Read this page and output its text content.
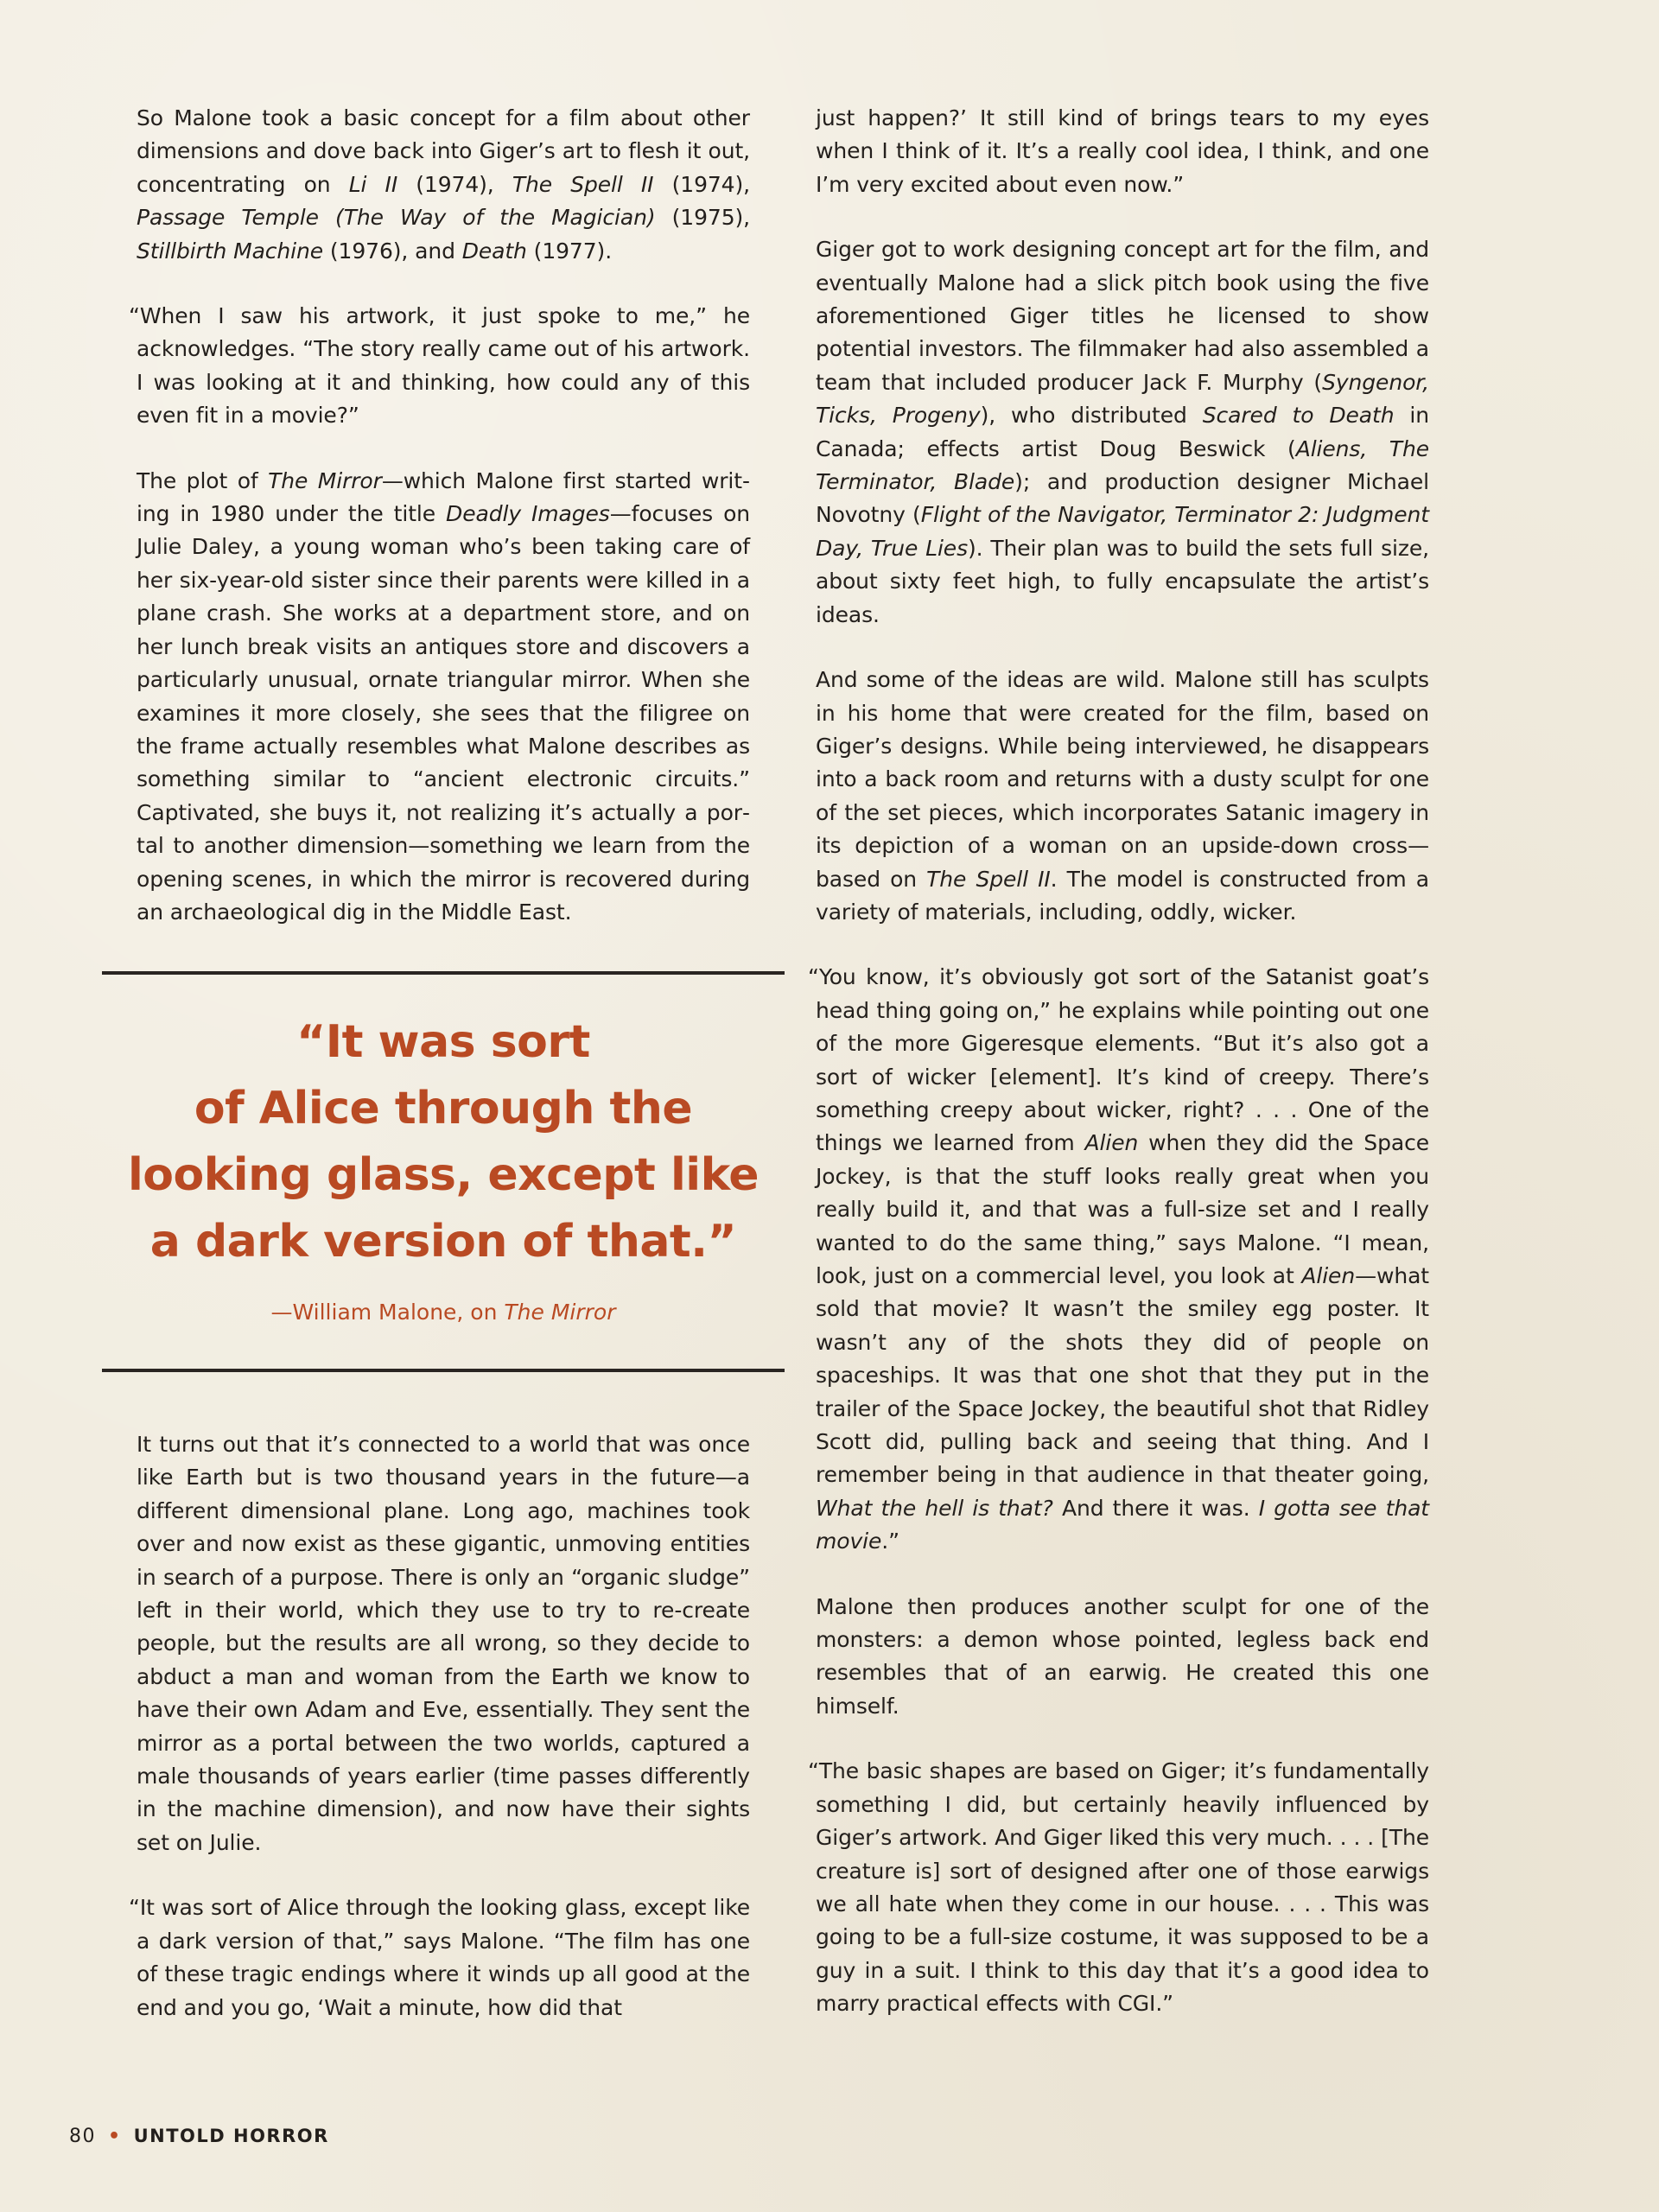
So Malone took a basic concept for a film about other dimensions and dove back into Giger’s art to flesh it out, concentrating on Li II (1974), The Spell II (1974), Passage Temple (The Way of the Magician) (1975), Stillbirth Machine (1976), and Death (1977).

“When I saw his artwork, it just spoke to me,” he acknowledges. “The story really came out of his artwork. I was looking at it and thinking, how could any of this even fit in a movie?”

The plot of The Mirror—which Malone first started writing in 1980 under the title Deadly Images—focuses on Julie Daley, a young woman who’s been taking care of her six-year-old sister since their parents were killed in a plane crash. She works at a department store, and on her lunch break visits an antiques store and discovers a particularly unusual, ornate triangular mirror. When she examines it more closely, she sees that the filigree on the frame actually resembles what Malone describes as something similar to “ancient electronic circuits.” Captivated, she buys it, not realizing it’s actually a portal to another dimension—something we learn from the opening scenes, in which the mirror is recovered during an archaeological dig in the Middle East.

“It was sort
of Alice through the
looking glass, except like
a dark version of that.”
—William Malone, on The Mirror

It turns out that it’s connected to a world that was once like Earth but is two thousand years in the future—a different dimensional plane. Long ago, machines took over and now exist as these gigantic, unmoving entities in search of a purpose. There is only an “organic sludge” left in their world, which they use to try to re-create people, but the results are all wrong, so they decide to abduct a man and woman from the Earth we know to have their own Adam and Eve, essentially. They sent the mirror as a portal between the two worlds, captured a male thousands of years earlier (time passes differently in the machine dimension), and now have their sights set on Julie.

“It was sort of Alice through the looking glass, except like a dark version of that,” says Malone. “The film has one of these tragic endings where it winds up all good at the end and you go, ‘Wait a minute, how did that

just happen?’ It still kind of brings tears to my eyes when I think of it. It’s a really cool idea, I think, and one I’m very excited about even now.”

Giger got to work designing concept art for the film, and eventually Malone had a slick pitch book using the five aforementioned Giger titles he licensed to show potential investors. The filmmaker had also assembled a team that included producer Jack F. Murphy (Syngenor, Ticks, Progeny), who distributed Scared to Death in Canada; effects artist Doug Beswick (Aliens, The Terminator, Blade); and production designer Michael Novotny (Flight of the Navigator, Terminator 2: Judgment Day, True Lies). Their plan was to build the sets full size, about sixty feet high, to fully encapsulate the artist’s ideas.

And some of the ideas are wild. Malone still has sculpts in his home that were created for the film, based on Giger’s designs. While being interviewed, he disappears into a back room and returns with a dusty sculpt for one of the set pieces, which incorporates Satanic imagery in its depiction of a woman on an upside-down cross—based on The Spell II. The model is constructed from a variety of materials, including, oddly, wicker.

“You know, it’s obviously got sort of the Satanist goat’s head thing going on,” he explains while pointing out one of the more Gigeresque elements. “But it’s also got a sort of wicker [element]. It’s kind of creepy. There’s something creepy about wicker, right? . . . One of the things we learned from Alien when they did the Space Jockey, is that the stuff looks really great when you really build it, and that was a full-size set and I really wanted to do the same thing,” says Malone. “I mean, look, just on a commercial level, you look at Alien—what sold that movie? It wasn’t the smiley egg poster. It wasn’t any of the shots they did of people on spaceships. It was that one shot that they put in the trailer of the Space Jockey, the beautiful shot that Ridley Scott did, pulling back and seeing that thing. And I remember being in that audience in that theater going, What the hell is that? And there it was. I gotta see that movie.”

Malone then produces another sculpt for one of the monsters: a demon whose pointed, legless back end resembles that of an earwig. He created this one himself.

“The basic shapes are based on Giger; it’s fundamentally something I did, but certainly heavily influenced by Giger’s artwork. And Giger liked this very much. . . . [The creature is] sort of designed after one of those earwigs we all hate when they come in our house. . . . This was going to be a full-size costume, it was supposed to be a guy in a suit. I think to this day that it’s a good idea to marry practical effects with CGI.”

80 • UNTOLD HORROR
